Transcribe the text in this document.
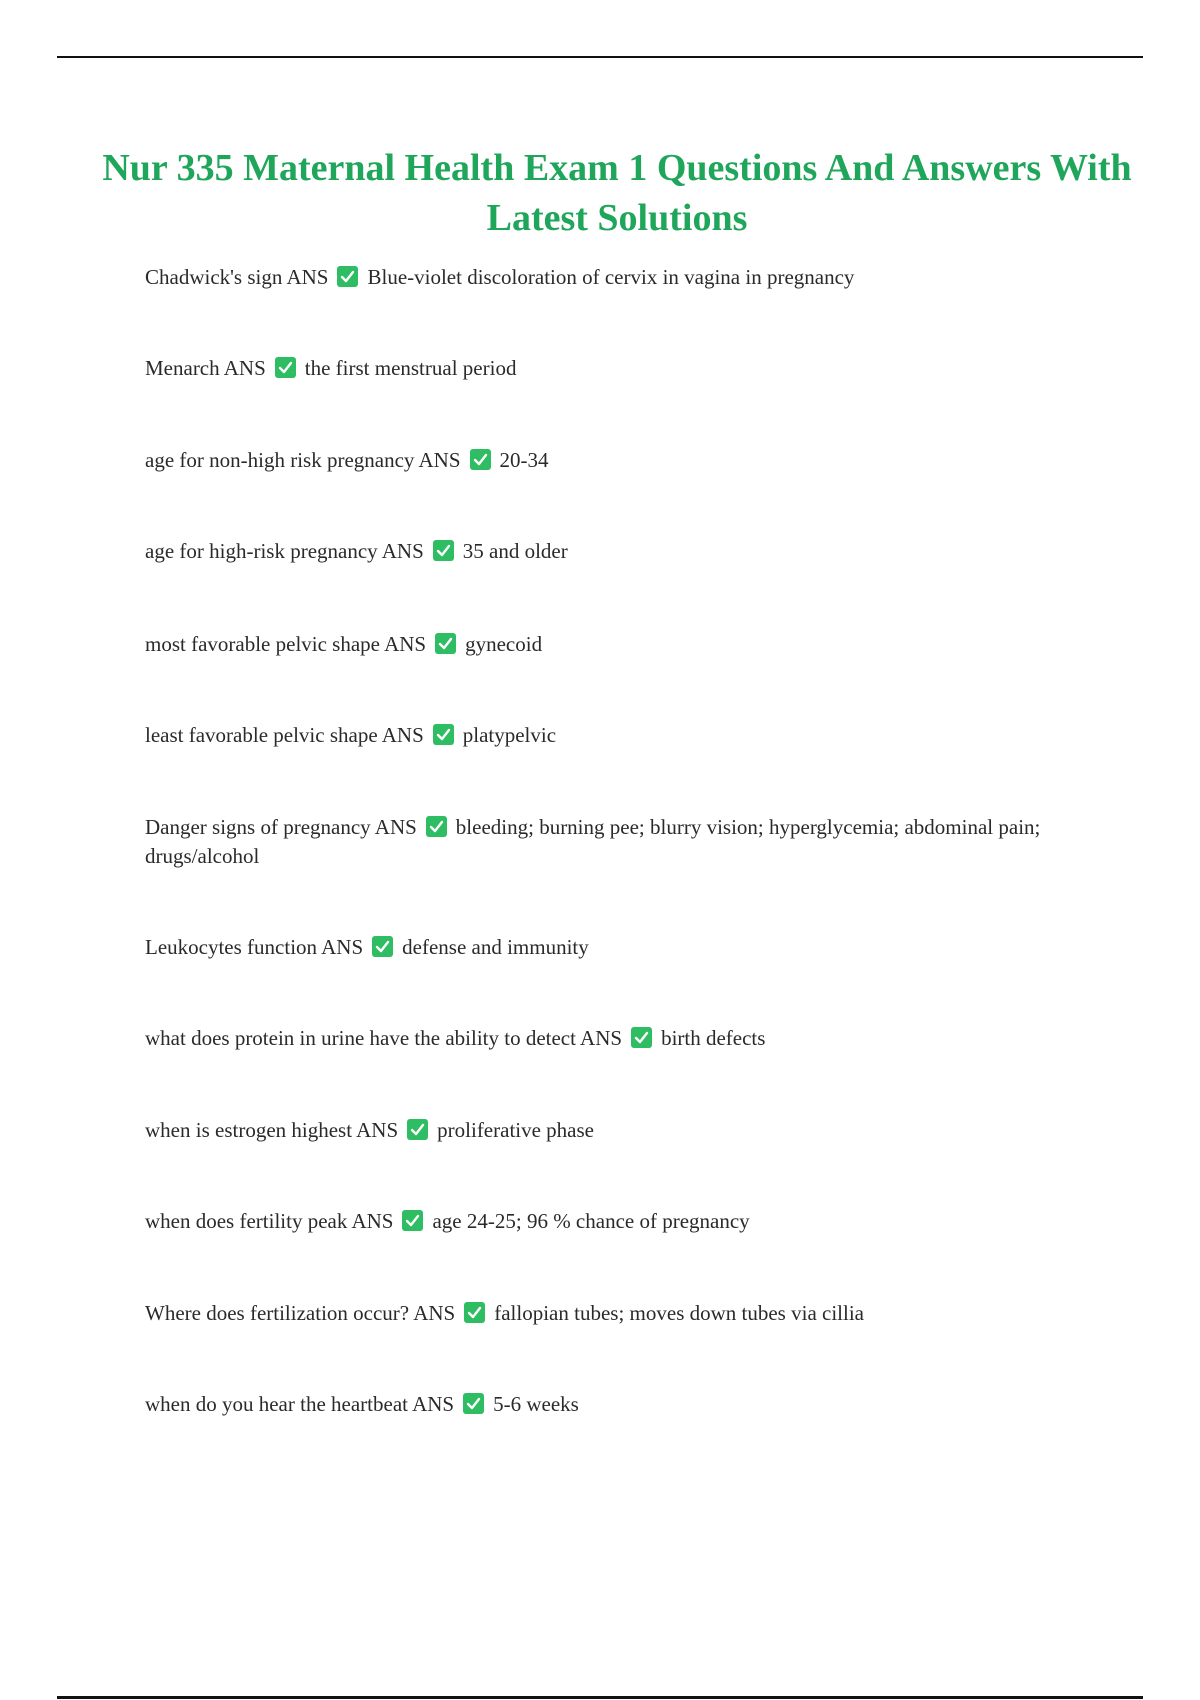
Nur 335 Maternal Health Exam 1 Questions And Answers With Latest Solutions

Chadwick's sign ANS Blue-violet discoloration of cervix in vagina in pregnancy

Menarch ANS the first menstrual period

age for non-high risk pregnancy ANS 20-34

age for high-risk pregnancy ANS 35 and older

most favorable pelvic shape ANS gynecoid

least favorable pelvic shape ANS platypelvic

Danger signs of pregnancy ANS bleeding; burning pee; blurry vision; hyperglycemia; abdominal pain; drugs/alcohol

Leukocytes function ANS defense and immunity

what does protein in urine have the ability to detect ANS birth defects

when is estrogen highest ANS proliferative phase

when does fertility peak ANS age 24-25; 96 % chance of pregnancy

Where does fertilization occur? ANS fallopian tubes; moves down tubes via cillia

when do you hear the heartbeat ANS 5-6 weeks
